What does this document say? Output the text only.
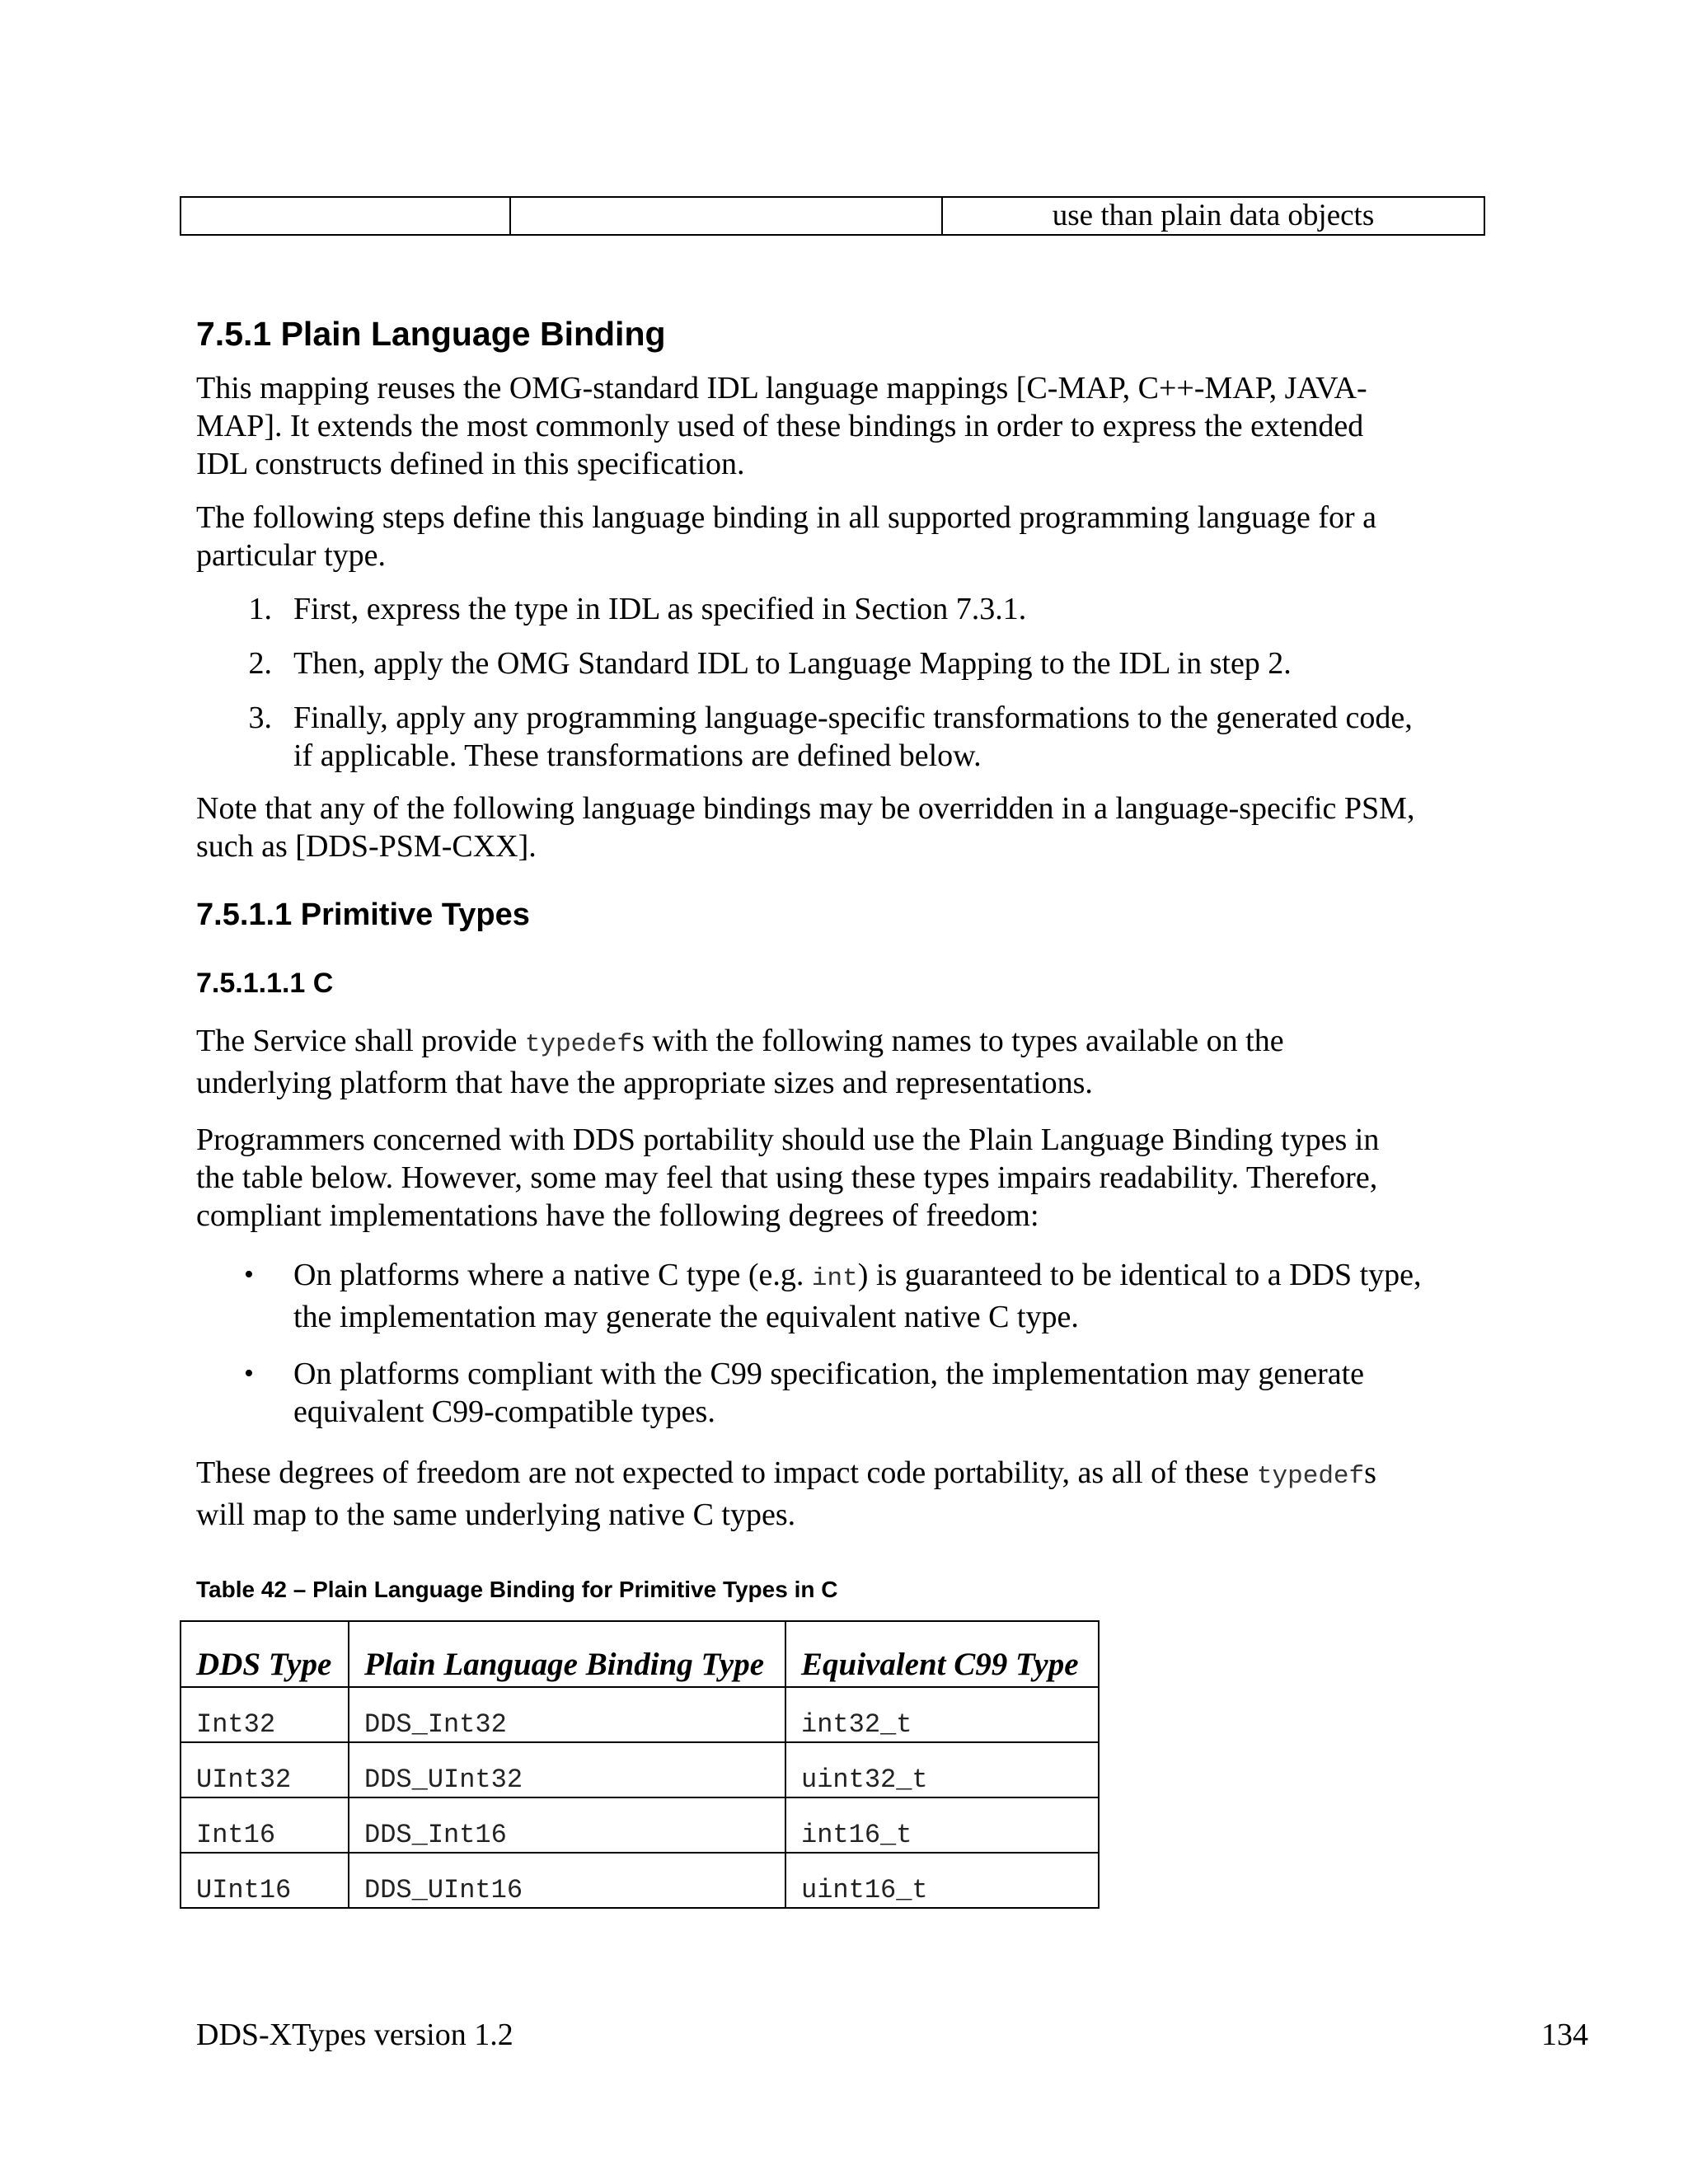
		use than plain data objects
7.5.1 Plain Language Binding
This mapping reuses the OMG-standard IDL language mappings [C-MAP, C++-MAP, JAVA-
MAP]. It extends the most commonly used of these bindings in order to express the extended
IDL constructs defined in this specification.
The following steps define this language binding in all supported programming language for a
particular type.
1. First, express the type in IDL as specified in Section 7.3.1.
2. Then, apply the OMG Standard IDL to Language Mapping to the IDL in step 2.
3. Finally, apply any programming language-specific transformations to the generated code,
if applicable. These transformations are defined below.
Note that any of the following language bindings may be overridden in a language-specific PSM,
such as [DDS-PSM-CXX].
7.5.1.1 Primitive Types
7.5.1.1.1 C
The Service shall provide typedefs with the following names to types available on the
underlying platform that have the appropriate sizes and representations.
Programmers concerned with DDS portability should use the Plain Language Binding types in
the table below. However, some may feel that using these types impairs readability. Therefore,
compliant implementations have the following degrees of freedom:
• On platforms where a native C type (e.g. int) is guaranteed to be identical to a DDS type,
the implementation may generate the equivalent native C type.
• On platforms compliant with the C99 specification, the implementation may generate
equivalent C99-compatible types.
These degrees of freedom are not expected to impact code portability, as all of these typedefs
will map to the same underlying native C types.
Table 42 – Plain Language Binding for Primitive Types in C
DDS Type	Plain Language Binding Type	Equivalent C99 Type
Int32	DDS_Int32	int32_t
UInt32	DDS_UInt32	uint32_t
Int16	DDS_Int16	int16_t
UInt16	DDS_UInt16	uint16_t
DDS-XTypes version 1.2	134
